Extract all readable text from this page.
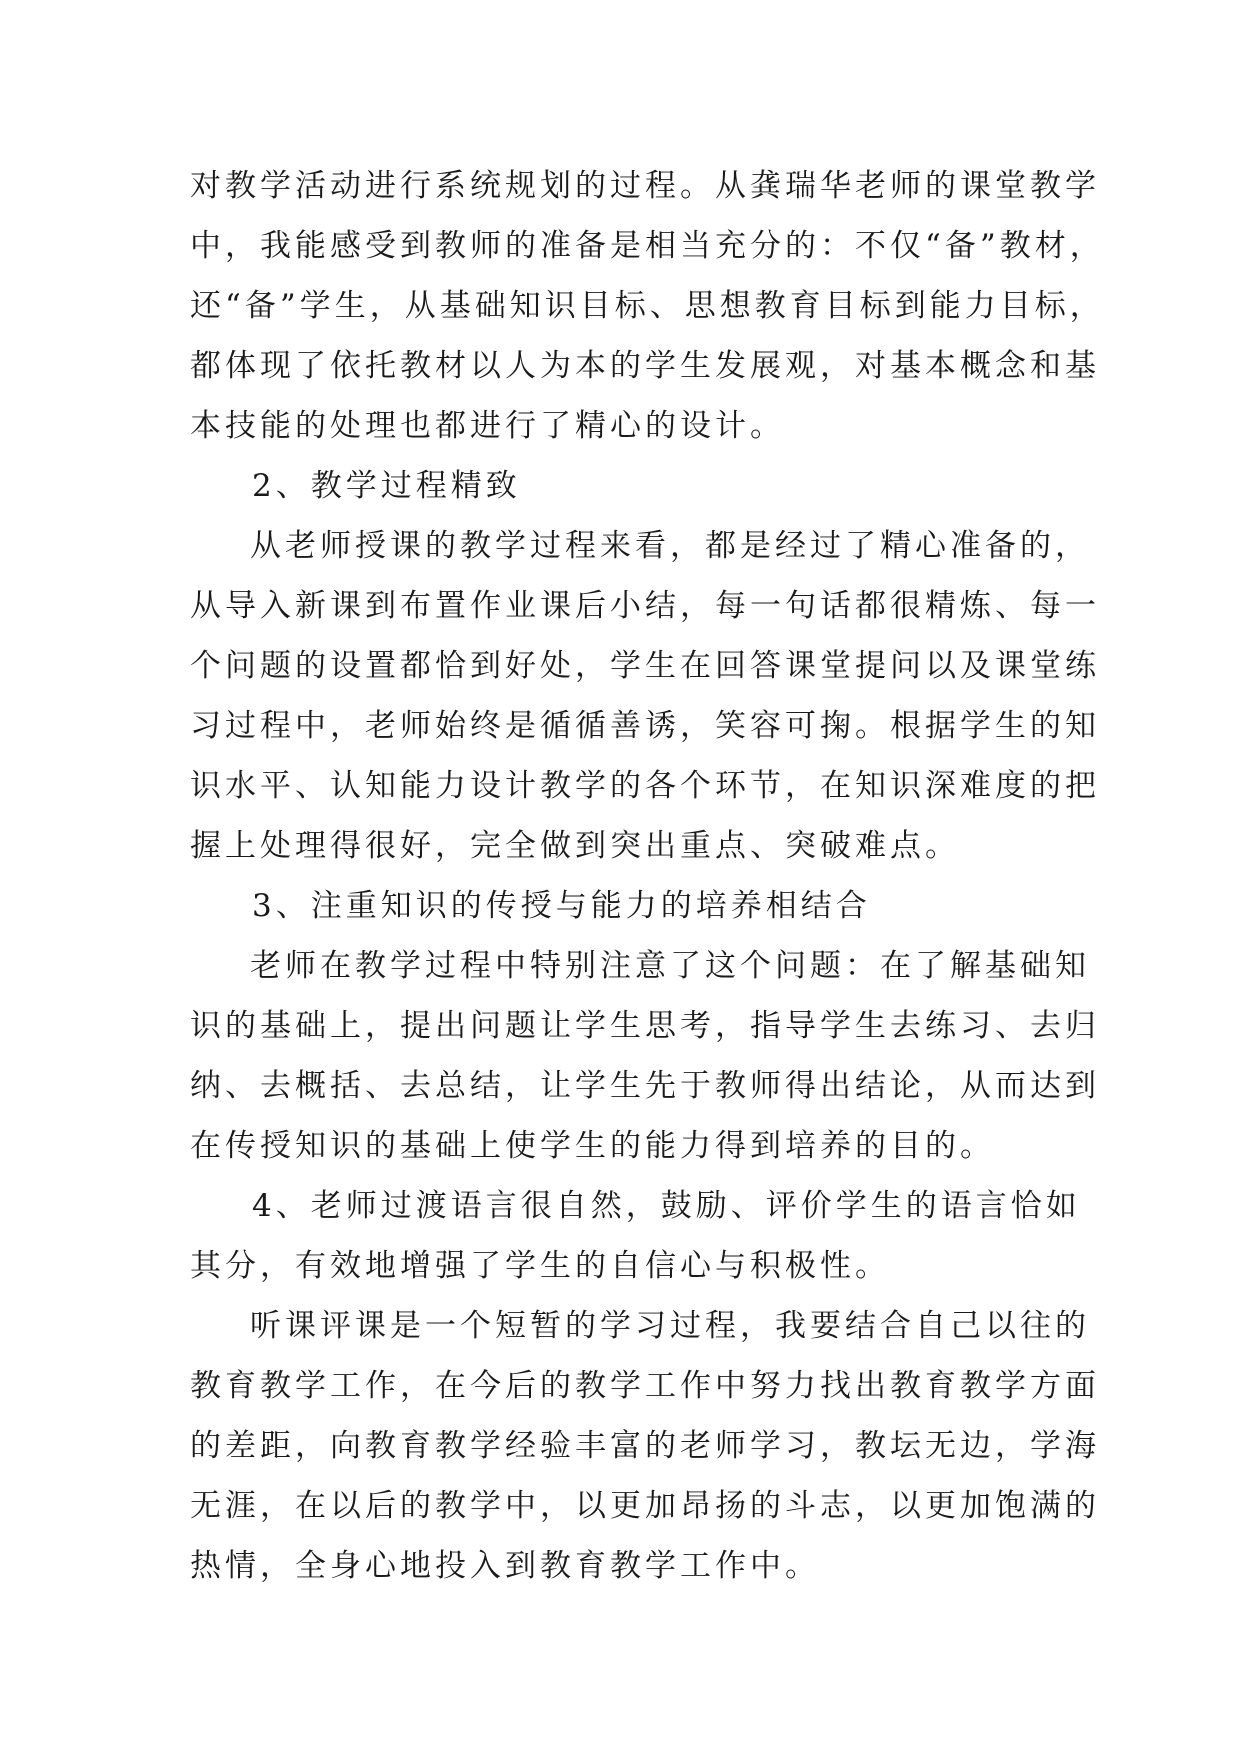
对教学活动进行系统规划的过程。从龚瑞华老师的课堂教学
中，我能感受到教师的准备是相当充分的：不仅“备”教材，
还“备”学生，从基础知识目标、思想教育目标到能力目标，
都体现了依托教材以人为本的学生发展观，对基本概念和基
本技能的处理也都进行了精心的设计。
2、教学过程精致
从老师授课的教学过程来看，都是经过了精心准备的，
从导入新课到布置作业课后小结，每一句话都很精炼、每一
个问题的设置都恰到好处，学生在回答课堂提问以及课堂练
习过程中，老师始终是循循善诱，笑容可掬。根据学生的知
识水平、认知能力设计教学的各个环节，在知识深难度的把
握上处理得很好，完全做到突出重点、突破难点。
3、注重知识的传授与能力的培养相结合
老师在教学过程中特别注意了这个问题：在了解基础知
识的基础上，提出问题让学生思考，指导学生去练习、去归
纳、去概括、去总结，让学生先于教师得出结论，从而达到
在传授知识的基础上使学生的能力得到培养的目的。
4、老师过渡语言很自然，鼓励、评价学生的语言恰如
其分，有效地增强了学生的自信心与积极性。
听课评课是一个短暂的学习过程，我要结合自己以往的
教育教学工作，在今后的教学工作中努力找出教育教学方面
的差距，向教育教学经验丰富的老师学习，教坛无边，学海
无涯，在以后的教学中，以更加昂扬的斗志，以更加饱满的
热情，全身心地投入到教育教学工作中。
